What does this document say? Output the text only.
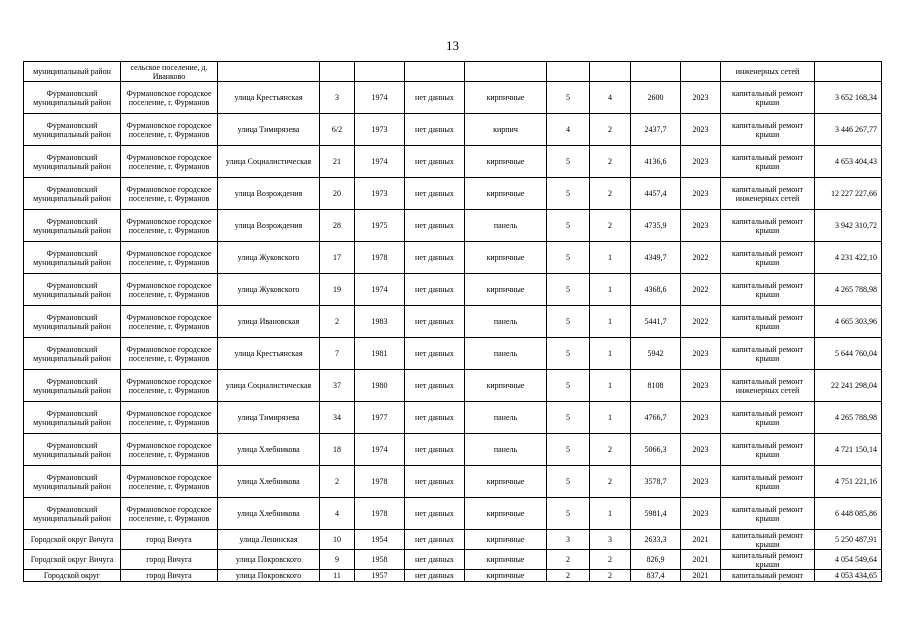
13
муниципальный район	сельское поселение, д. Иванково										инженерных сетей	
Фурмановский муниципальный район	Фурмановское городское поселение, г. Фурманов	улица Крестьянская	3	1974	нет данных	кирпичные	5	4	2600	2023	капитальный ремонт крыши	3 652 168,34
Фурмановский муниципальный район	Фурмановское городское поселение, г. Фурманов	улица Тимирязева	6/2	1973	нет данных	кирпич	4	2	2437,7	2023	капитальный ремонт крыши	3 446 267,77
Фурмановский муниципальный район	Фурмановское городское поселение, г. Фурманов	улица Социалистическая	21	1974	нет данных	кирпичные	5	2	4136,6	2023	капитальный ремонт крыши	4 653 404,43
Фурмановский муниципальный район	Фурмановское городское поселение, г. Фурманов	улица Возрождения	20	1973	нет данных	кирпичные	5	2	4457,4	2023	капитальный ремонт инженерных сетей	12 227 227,66
Фурмановский муниципальный район	Фурмановское городское поселение, г. Фурманов	улица Возрождения	28	1975	нет данных	панель	5	2	4735,9	2023	капитальный ремонт крыши	3 942 310,72
Фурмановский муниципальный район	Фурмановское городское поселение, г. Фурманов	улица Жуковского	17	1978	нет данных	кирпичные	5	1	4349,7	2022	капитальный ремонт крыши	4 231 422,10
Фурмановский муниципальный район	Фурмановское городское поселение, г. Фурманов	улица Жуковского	19	1974	нет данных	кирпичные	5	1	4368,6	2022	капитальный ремонт крыши	4 265 788,98
Фурмановский муниципальный район	Фурмановское городское поселение, г. Фурманов	улица Ивановская	2	1983	нет данных	панель	5	1	5441,7	2022	капитальный ремонт крыши	4 665 303,96
Фурмановский муниципальный район	Фурмановское городское поселение, г. Фурманов	улица Крестьянская	7	1981	нет данных	панель	5	1	5942	2023	капитальный ремонт крыши	5 644 760,04
Фурмановский муниципальный район	Фурмановское городское поселение, г. Фурманов	улица Социалистическая	37	1980	нет данных	кирпичные	5	1	8108	2023	капитальный ремонт инженерных сетей	22 241 298,04
Фурмановский муниципальный район	Фурмановское городское поселение, г. Фурманов	улица Тимирязева	34	1977	нет данных	панель	5	1	4766,7	2023	капитальный ремонт крыши	4 265 788,98
Фурмановский муниципальный район	Фурмановское городское поселение, г. Фурманов	улица Хлебникова	18	1974	нет данных	панель	5	2	5066,3	2023	капитальный ремонт крыши	4 721 150,14
Фурмановский муниципальный район	Фурмановское городское поселение, г. Фурманов	улица Хлебникова	2	1978	нет данных	кирпичные	5	2	3578,7	2023	капитальный ремонт крыши	4 751 221,16
Фурмановский муниципальный район	Фурмановское городское поселение, г. Фурманов	улица Хлебникова	4	1978	нет данных	кирпичные	5	1	5981,4	2023	капитальный ремонт крыши	6 448 085,86
Городской округ Вичуга	город Вичуга	улица Ленинская	10	1954	нет данных	кирпичные	3	3	2633,3	2021	капитальный ремонт крыши	5 250 487,91
Городской округ Вичуга	город Вичуга	улица Покровского	9	1958	нет данных	кирпичные	2	2	826,9	2021	капитальный ремонт крыши	4 054 549,64
Городской округ	город Вичуга	улица Покровского	11	1957	нет данных	кирпичные	2	2	837,4	2021	капитальный ремонт	4 053 434,65
